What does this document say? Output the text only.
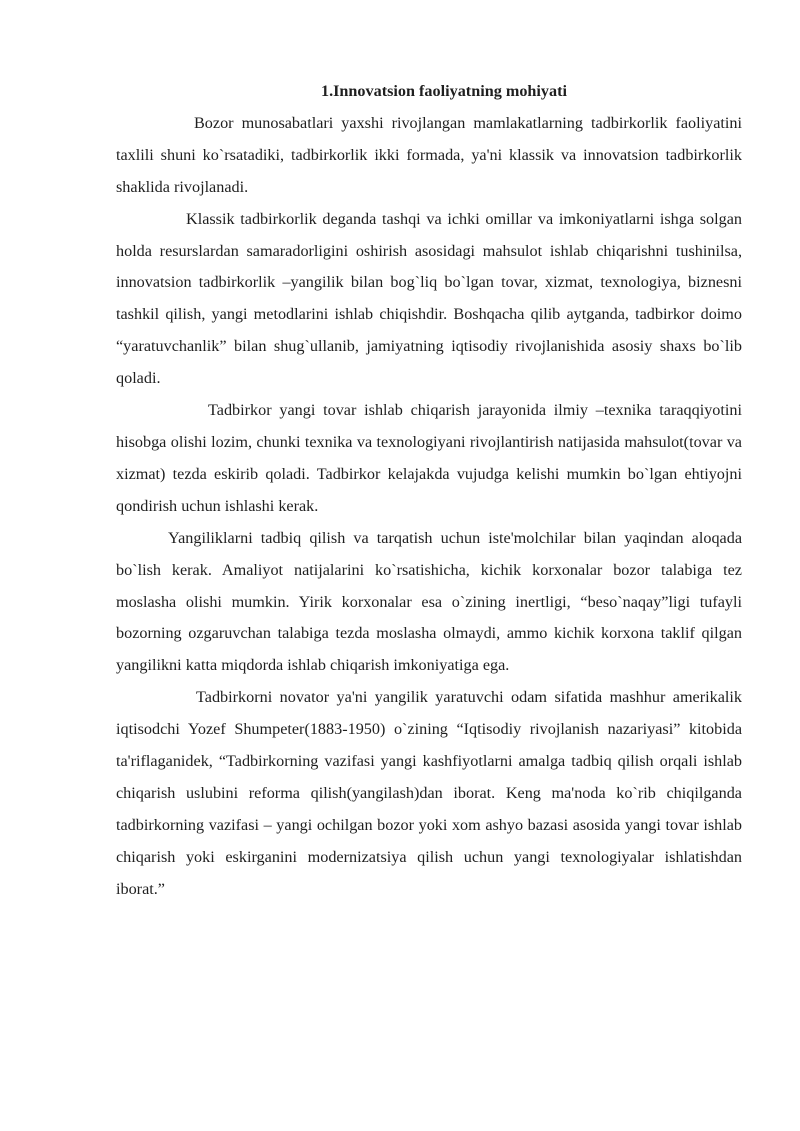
1.Innovatsion faoliyatning mohiyati

Bozor munosabatlari yaxshi rivojlangan mamlakatlarning tadbirkorlik faoliyatini taxlili shuni ko`rsatadiki, tadbirkorlik ikki formada, ya'ni klassik va innovatsion tadbirkorlik shaklida rivojlanadi.

Klassik tadbirkorlik deganda tashqi va ichki omillar va imkoniyatlarni ishga solgan holda resurslardan samaradorligini oshirish asosidagi mahsulot ishlab chiqarishni tushinilsa, innovatsion tadbirkorlik –yangilik bilan bog`liq bo`lgan tovar, xizmat, texnologiya, biznesni tashkil qilish, yangi metodlarini ishlab chiqishdir. Boshqacha qilib aytganda, tadbirkor doimo “yaratuvchanlik” bilan shug`ullanib, jamiyatning iqtisodiy rivojlanishida asosiy shaxs bo`lib qoladi.

Tadbirkor yangi tovar ishlab chiqarish jarayonida ilmiy –texnika taraqqiyotini hisobga olishi lozim, chunki texnika va texnologiyani rivojlantirish natijasida mahsulot(tovar va xizmat) tezda eskirib qoladi. Tadbirkor kelajakda vujudga kelishi mumkin bo`lgan ehtiyojni qondirish uchun ishlashi kerak.

Yangiliklarni tadbiq qilish va tarqatish uchun iste'molchilar bilan yaqindan aloqada bo`lish kerak. Amaliyot natijalarini ko`rsatishicha, kichik korxonalar bozor talabiga tez moslasha olishi mumkin. Yirik korxonalar esa o`zining inertligi, “beso`naqay”ligi tufayli bozorning ozgaruvchan talabiga tezda moslasha olmaydi, ammo kichik korxona taklif qilgan yangilikni katta miqdorda ishlab chiqarish imkoniyatiga ega.

Tadbirkorni novator ya'ni yangilik yaratuvchi odam sifatida mashhur amerikalik iqtisodchi Yozef Shumpeter(1883-1950) o`zining “Iqtisodiy rivojlanish nazariyasi” kitobida ta'riflaganidek, “Tadbirkorning vazifasi yangi kashfiyotlarni amalga tadbiq qilish orqali ishlab chiqarish uslubini reforma qilish(yangilash)dan iborat. Keng ma'noda ko`rib chiqilganda tadbirkorning vazifasi – yangi ochilgan bozor yoki xom ashyo bazasi asosida yangi tovar ishlab chiqarish yoki eskirganini modernizatsiya qilish uchun yangi texnologiyalar ishlatishdan iborat.”
